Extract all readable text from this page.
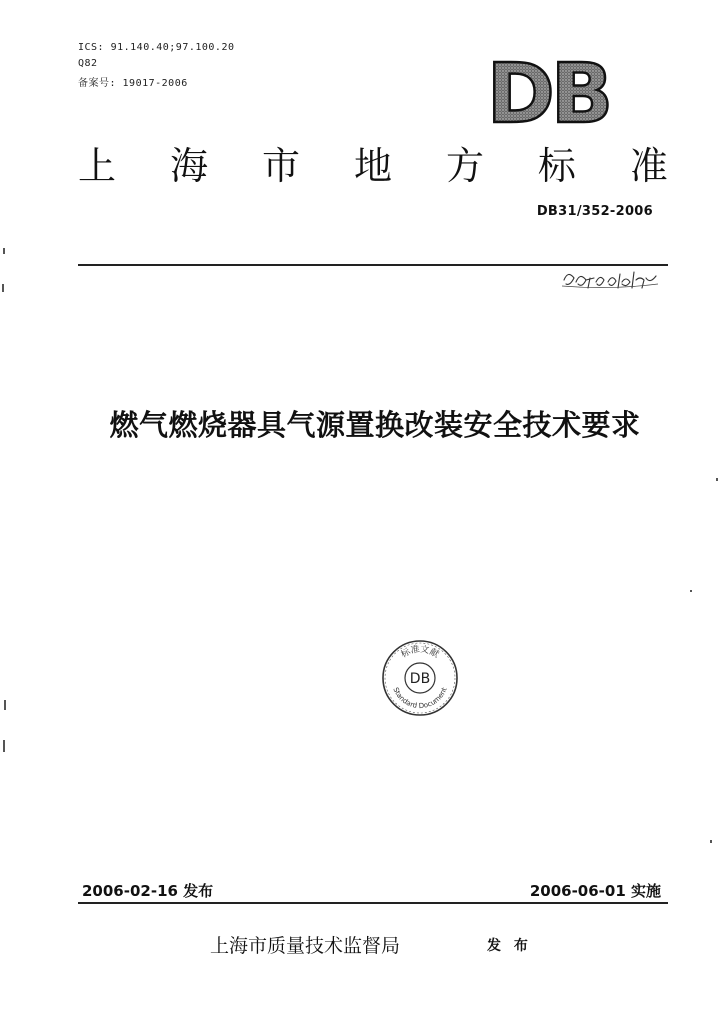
ICS: 91.140.40;97.100.20
Q82
备案号: 19017-2006	DB
上 海 市 地 方 标 准
DB31/352-2006
燃气燃烧器具气源置换改装安全技术要求
标准文献
Standard Document
DB
2006-02-16 发布	2006-06-01 实施
上海市质量技术监督局	发 布
